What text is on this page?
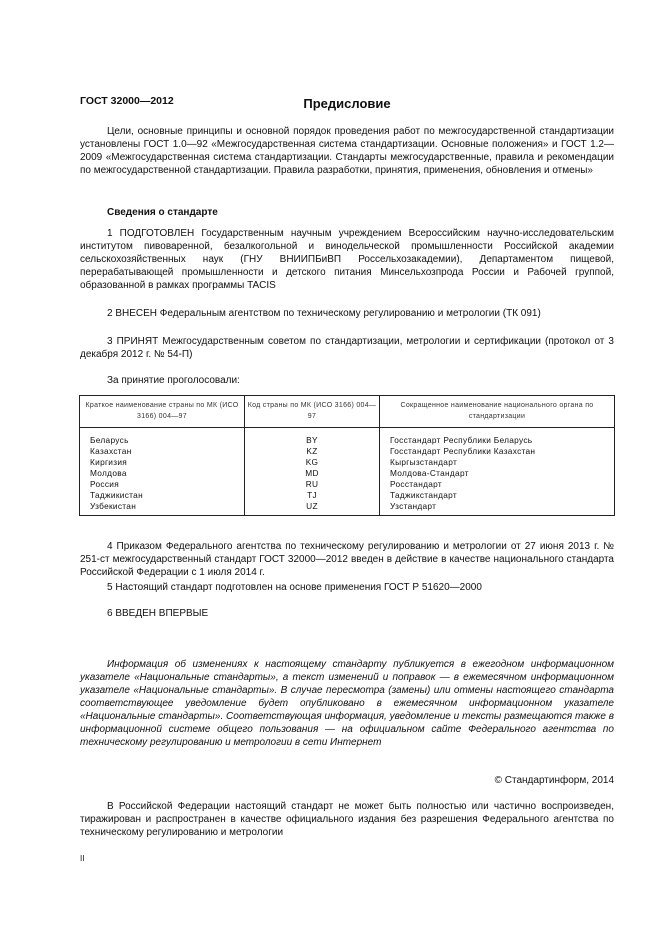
ГОСТ 32000—2012	Предисловие
Цели, основные принципы и основной порядок проведения работ по межгосударственной стандартизации установлены ГОСТ 1.0—92 «Межгосударственная система стандартизации. Основные положения» и ГОСТ 1.2—2009 «Межгосударственная система стандартизации. Стандарты межгосударственные, правила и рекомендации по межгосударственной стандартизации. Правила разработки, принятия, применения, обновления и отмены»
Сведения о стандарте
1 ПОДГОТОВЛЕН Государственным научным учреждением Всероссийским научно-исследовательским институтом пивоваренной, безалкогольной и винодельческой промышленности Российской академии сельскохозяйственных наук (ГНУ ВНИИПБиВП Россельхозакадемии), Департаментом пищевой, перерабатывающей промышленности и детского питания Минсельхозпрода России и Рабочей группой, образованной в рамках программы TACIS
2 ВНЕСЕН Федеральным агентством по техническому регулированию и метрологии (ТК 091)
3 ПРИНЯТ Межгосударственным советом по стандартизации, метрологии и сертификации (протокол от 3 декабря 2012 г. № 54-П)
За принятие проголосовали:
Краткое наименование страны по МК (ИСО 3166) 004—97	Код страны по МК (ИСО 3166) 004—97	Сокращенное наименование национального органа по стандартизации
Беларусь	BY	Госстандарт Республики Беларусь
Казахстан	KZ	Госстандарт Республики Казахстан
Киргизия	KG	Кыргызстандарт
Молдова	MD	Молдова-Стандарт
Россия	RU	Росстандарт
Таджикистан	TJ	Таджикстандарт
Узбекистан	UZ	Узстандарт
4 Приказом Федерального агентства по техническому регулированию и метрологии от 27 июня 2013 г. № 251-ст межгосударственный стандарт ГОСТ 32000—2012 введен в действие в качестве национального стандарта Российской Федерации с 1 июля 2014 г.
5 Настоящий стандарт подготовлен на основе применения ГОСТ Р 51620—2000
6 ВВЕДЕН ВПЕРВЫЕ
Информация об изменениях к настоящему стандарту публикуется в ежегодном информационном указателе «Национальные стандарты», а текст изменений и поправок — в ежемесячном информационном указателе «Национальные стандарты». В случае пересмотра (замены) или отмены настоящего стандарта соответствующее уведомление будет опубликовано в ежемесячном информационном указателе «Национальные стандарты». Соответствующая информация, уведомление и тексты размещаются также в информационной системе общего пользования — на официальном сайте Федерального агентства по техническому регулированию и метрологии в сети Интернет
© Стандартинформ, 2014
В Российской Федерации настоящий стандарт не может быть полностью или частично воспроизведен, тиражирован и распространен в качестве официального издания без разрешения Федерального агентства по техническому регулированию и метрологии
II
